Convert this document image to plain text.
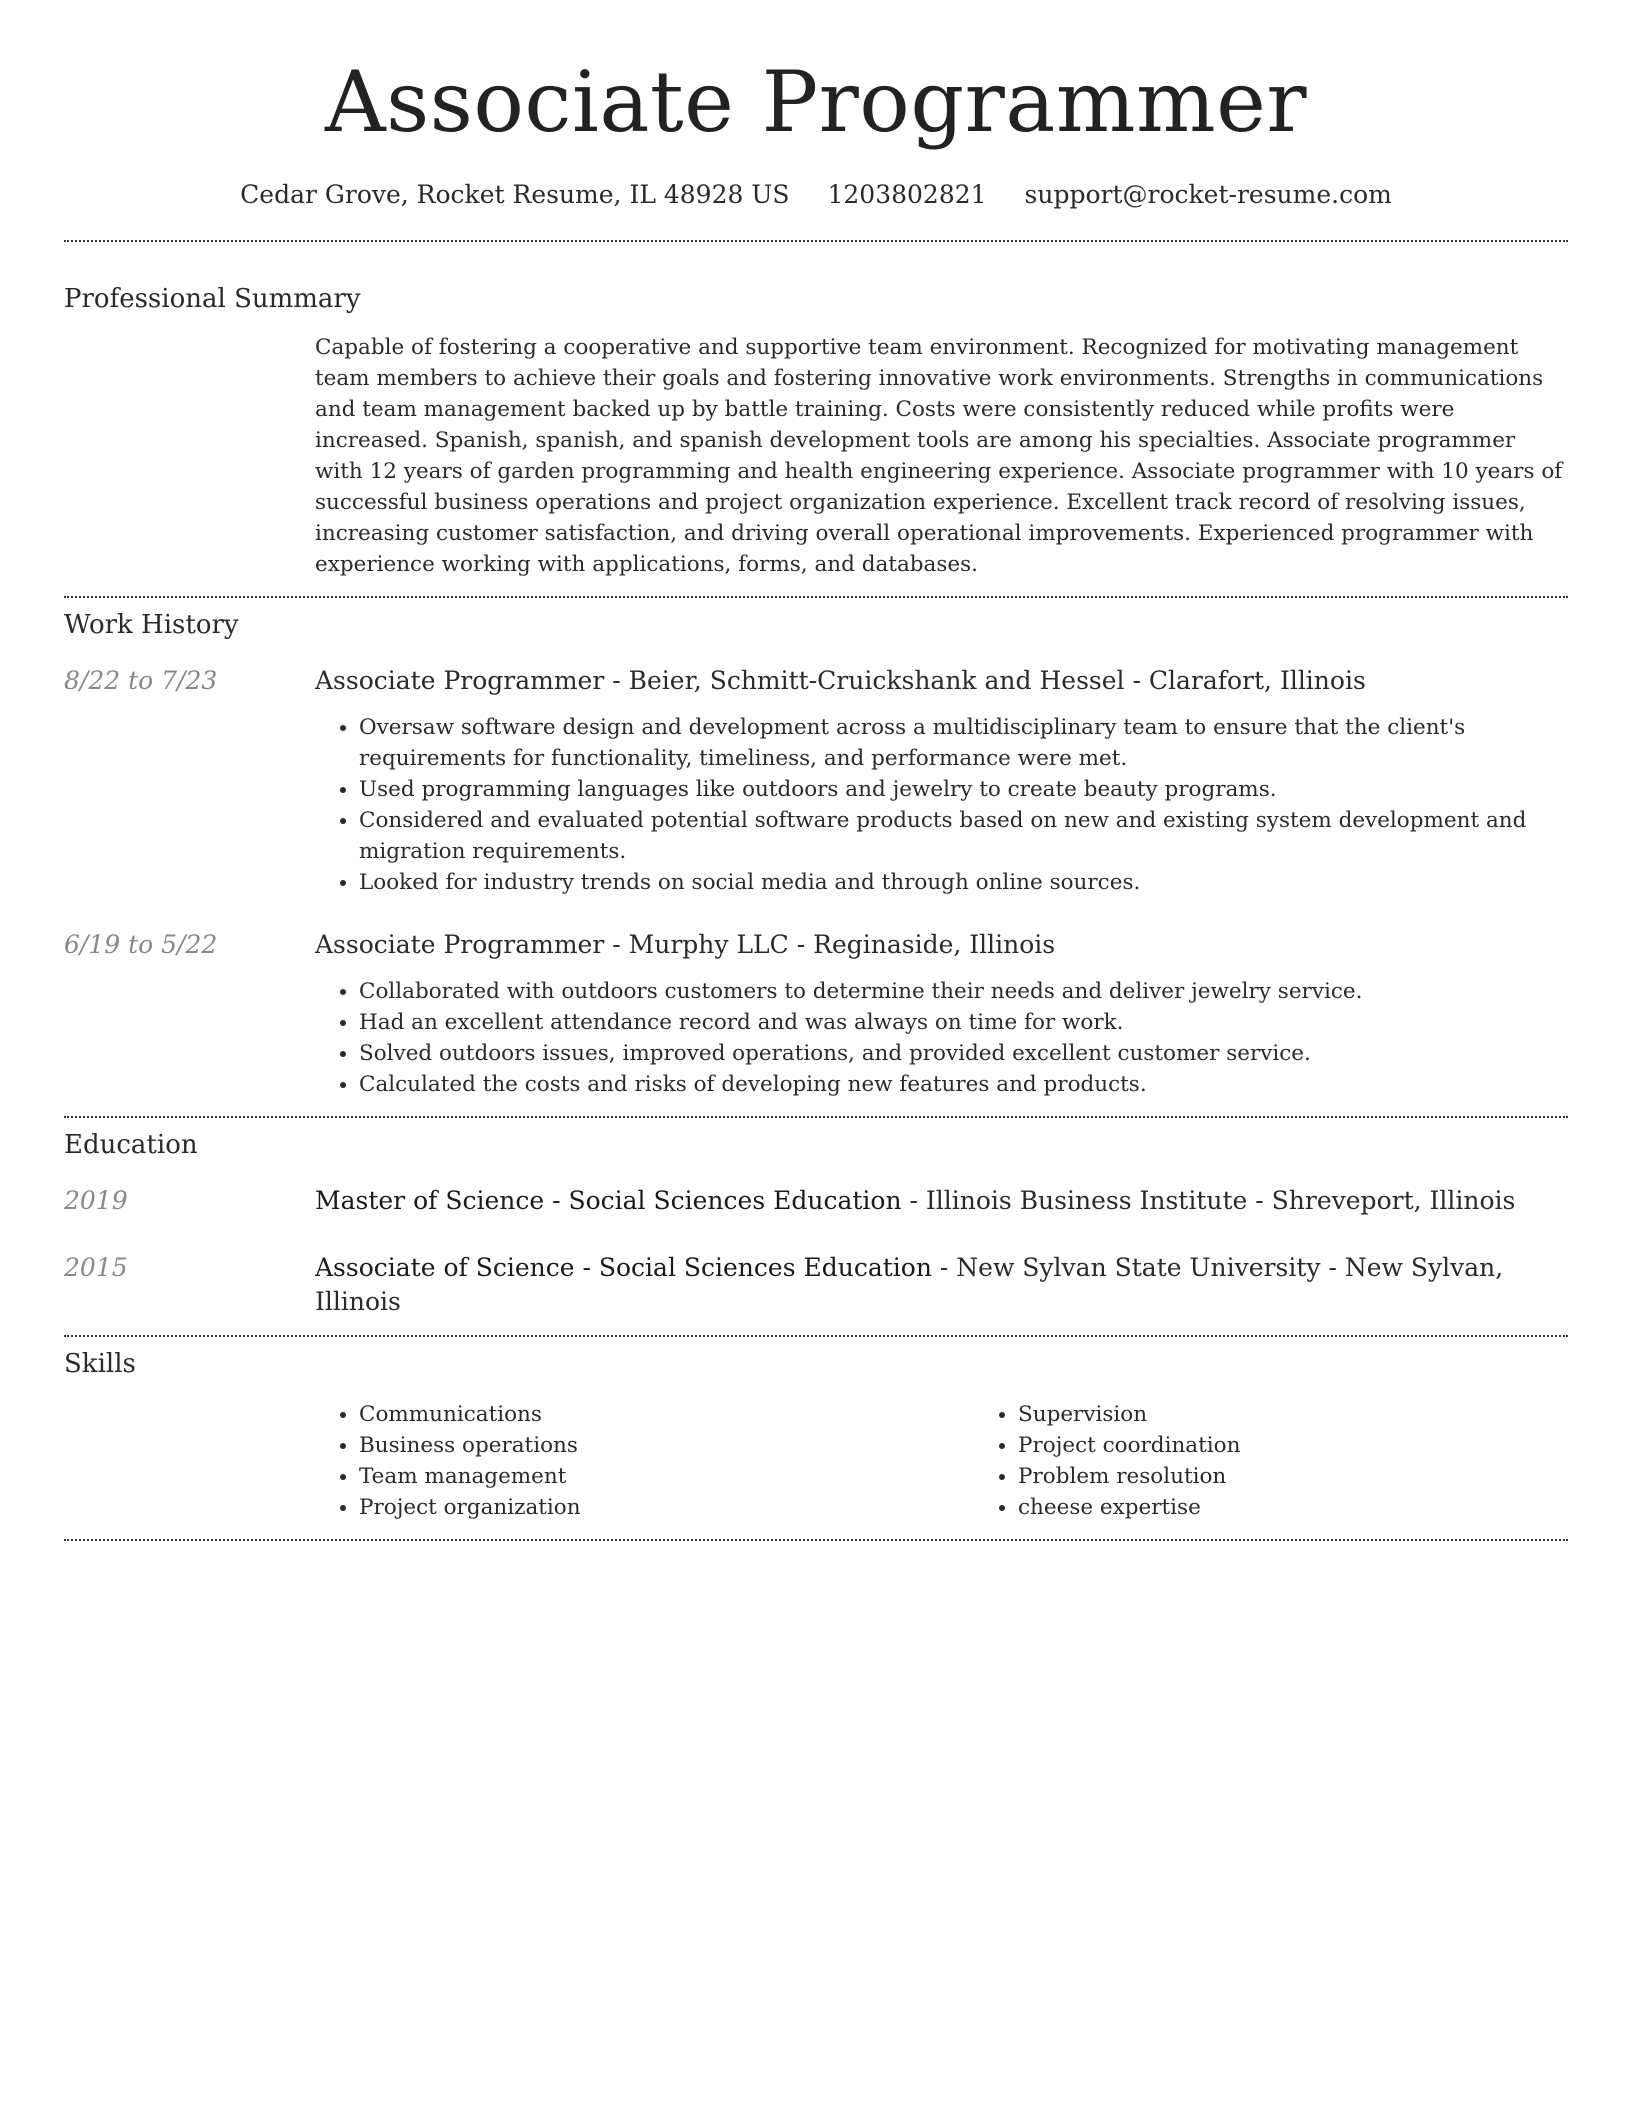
Associate Programmer
Cedar Grove, Rocket Resume, IL 48928 US 1203802821 support@rocket-resume.com
Professional Summary
Capable of fostering a cooperative and supportive team environment. Recognized for motivating management team members to achieve their goals and fostering innovative work environments. Strengths in communications and team management backed up by battle training. Costs were consistently reduced while profits were increased. Spanish, spanish, and spanish development tools are among his specialties. Associate programmer with 12 years of garden programming and health engineering experience. Associate programmer with 10 years of successful business operations and project organization experience. Excellent track record of resolving issues, increasing customer satisfaction, and driving overall operational improvements. Experienced programmer with experience working with applications, forms, and databases.
Work History
8/22 to 7/23	Associate Programmer - Beier, Schmitt-Cruickshank and Hessel - Clarafort, Illinois
• Oversaw software design and development across a multidisciplinary team to ensure that the client's requirements for functionality, timeliness, and performance were met.
• Used programming languages like outdoors and jewelry to create beauty programs.
• Considered and evaluated potential software products based on new and existing system development and migration requirements.
• Looked for industry trends on social media and through online sources.
6/19 to 5/22	Associate Programmer - Murphy LLC - Reginaside, Illinois
• Collaborated with outdoors customers to determine their needs and deliver jewelry service.
• Had an excellent attendance record and was always on time for work.
• Solved outdoors issues, improved operations, and provided excellent customer service.
• Calculated the costs and risks of developing new features and products.
Education
2019	Master of Science - Social Sciences Education - Illinois Business Institute - Shreveport, Illinois
2015	Associate of Science - Social Sciences Education - New Sylvan State University - New Sylvan, Illinois
Skills
• Communications
• Business operations
• Team management
• Project organization
• Supervision
• Project coordination
• Problem resolution
• cheese expertise
